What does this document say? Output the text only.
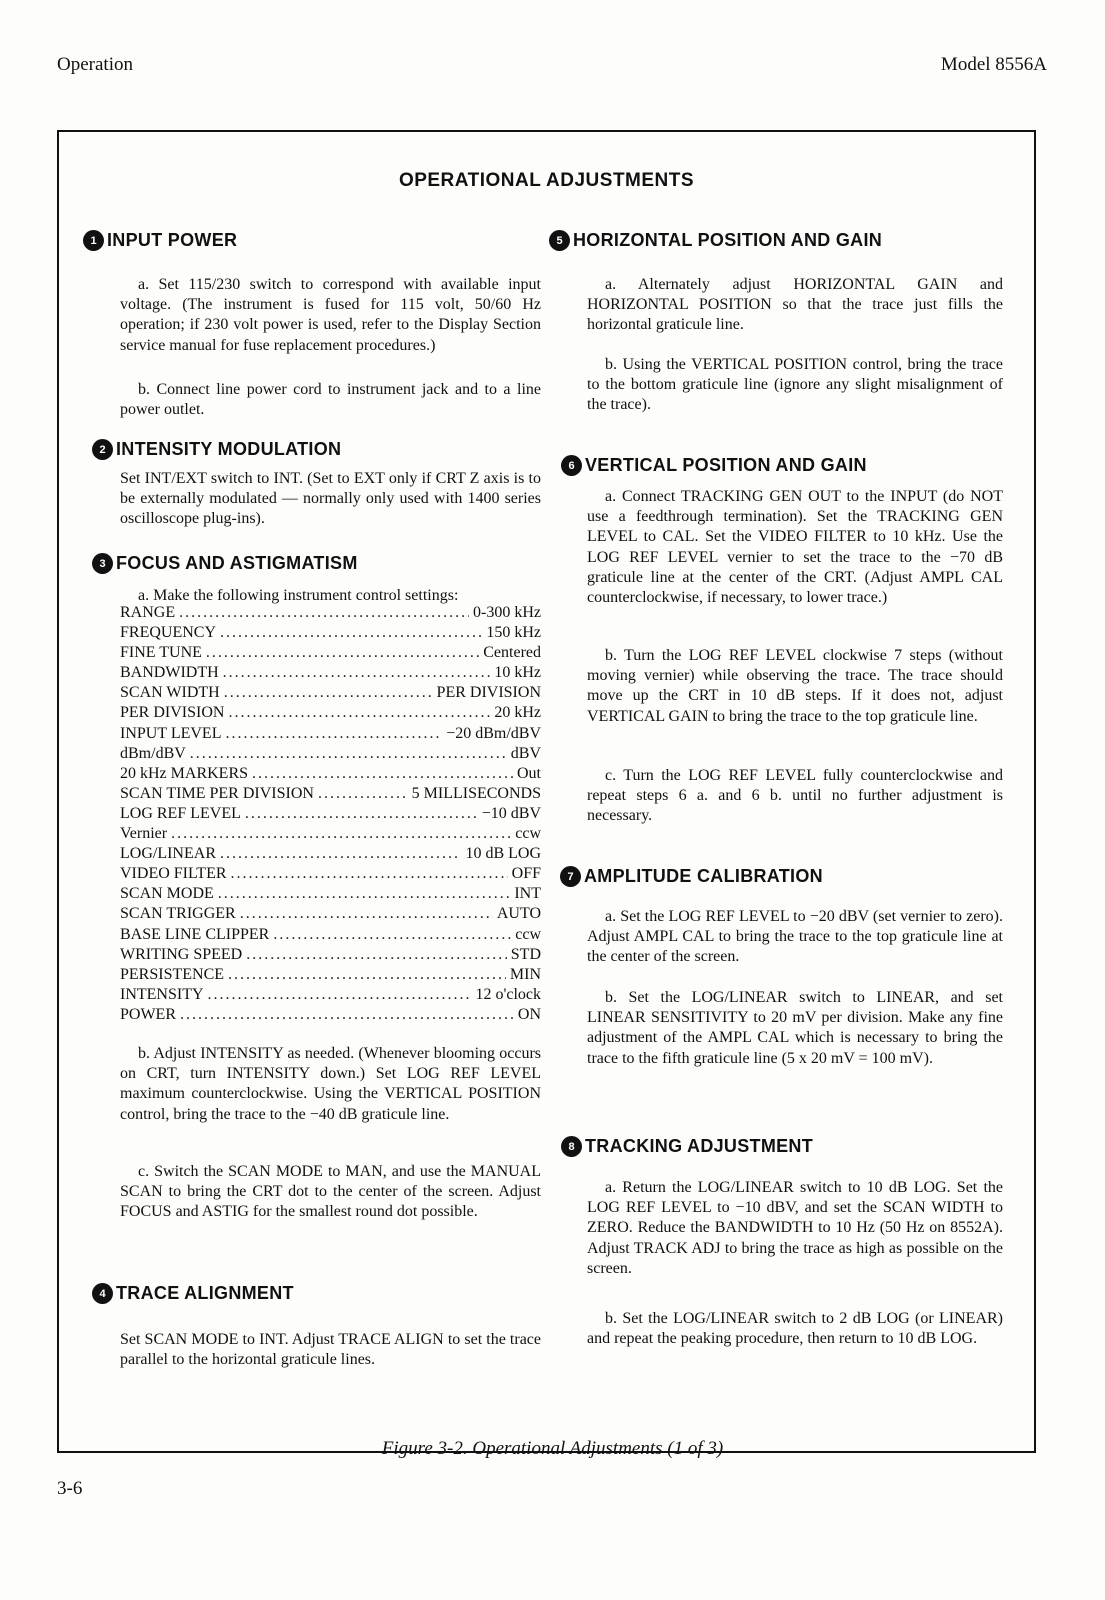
Operation	Model 8556A
OPERATIONAL ADJUSTMENTS
1 INPUT POWER

a. Set 115/230 switch to correspond with available input voltage. (The instrument is fused for 115 volt, 50/60 Hz operation; if 230 volt power is used, refer to the Display Section service manual for fuse replacement procedures.)

b. Connect line power cord to instrument jack and to a line power outlet.

2 INTENSITY MODULATION

Set INT/EXT switch to INT. (Set to EXT only if CRT Z axis is to be externally modulated — normally only used with 1400 series oscilloscope plug-ins).

3 FOCUS AND ASTIGMATISM

a. Make the following instrument control settings:

RANGE . . .	0-300 kHz
FREQUENCY . . .	150 kHz
FINE TUNE . . .	Centered
BANDWIDTH . . .	10 kHz
SCAN WIDTH . . .	PER DIVISION
PER DIVISION . . .	20 kHz
INPUT LEVEL . . .	−20 dBm/dBV
dBm/dBV . . .	dBV
20 kHz MARKERS . . .	Out
SCAN TIME PER DIVISION . . .	5 MILLISECONDS
LOG REF LEVEL . . .	−10 dBV
Vernier . . .	ccw
LOG/LINEAR . . .	10 dB LOG
VIDEO FILTER . . .	OFF
SCAN MODE . . .	INT
SCAN TRIGGER . . .	AUTO
BASE LINE CLIPPER . . .	ccw
WRITING SPEED . . .	STD
PERSISTENCE . . .	MIN
INTENSITY . . .	12 o'clock
POWER . . .	ON

b. Adjust INTENSITY as needed. (Whenever blooming occurs on CRT, turn INTENSITY down.) Set LOG REF LEVEL maximum counterclockwise. Using the VERTICAL POSITION control, bring the trace to the −40 dB graticule line.

c. Switch the SCAN MODE to MAN, and use the MANUAL SCAN to bring the CRT dot to the center of the screen. Adjust FOCUS and ASTIG for the smallest round dot possible.

4 TRACE ALIGNMENT

Set SCAN MODE to INT. Adjust TRACE ALIGN to set the trace parallel to the horizontal graticule lines.

5 HORIZONTAL POSITION AND GAIN

a. Alternately adjust HORIZONTAL GAIN and HORIZONTAL POSITION so that the trace just fills the horizontal graticule line.

b. Using the VERTICAL POSITION control, bring the trace to the bottom graticule line (ignore any slight misalignment of the trace).

6 VERTICAL POSITION AND GAIN

a. Connect TRACKING GEN OUT to the INPUT (do NOT use a feedthrough termination). Set the TRACKING GEN LEVEL to CAL. Set the VIDEO FILTER to 10 kHz. Use the LOG REF LEVEL vernier to set the trace to the −70 dB graticule line at the center of the CRT. (Adjust AMPL CAL counterclockwise, if necessary, to lower trace.)

b. Turn the LOG REF LEVEL clockwise 7 steps (without moving vernier) while observing the trace. The trace should move up the CRT in 10 dB steps. If it does not, adjust VERTICAL GAIN to bring the trace to the top graticule line.

c. Turn the LOG REF LEVEL fully counterclockwise and repeat steps 6 a. and 6 b. until no further adjustment is necessary.

7 AMPLITUDE CALIBRATION

a. Set the LOG REF LEVEL to −20 dBV (set vernier to zero). Adjust AMPL CAL to bring the trace to the top graticule line at the center of the screen.

b. Set the LOG/LINEAR switch to LINEAR, and set LINEAR SENSITIVITY to 20 mV per division. Make any fine adjustment of the AMPL CAL which is necessary to bring the trace to the fifth graticule line (5 x 20 mV = 100 mV).

8 TRACKING ADJUSTMENT

a. Return the LOG/LINEAR switch to 10 dB LOG. Set the LOG REF LEVEL to −10 dBV, and set the SCAN WIDTH to ZERO. Reduce the BANDWIDTH to 10 Hz (50 Hz on 8552A). Adjust TRACK ADJ to bring the trace as high as possible on the screen.

b. Set the LOG/LINEAR switch to 2 dB LOG (or LINEAR) and repeat the peaking procedure, then return to 10 dB LOG.

Figure 3-2. Operational Adjustments (1 of 3)
3-6
